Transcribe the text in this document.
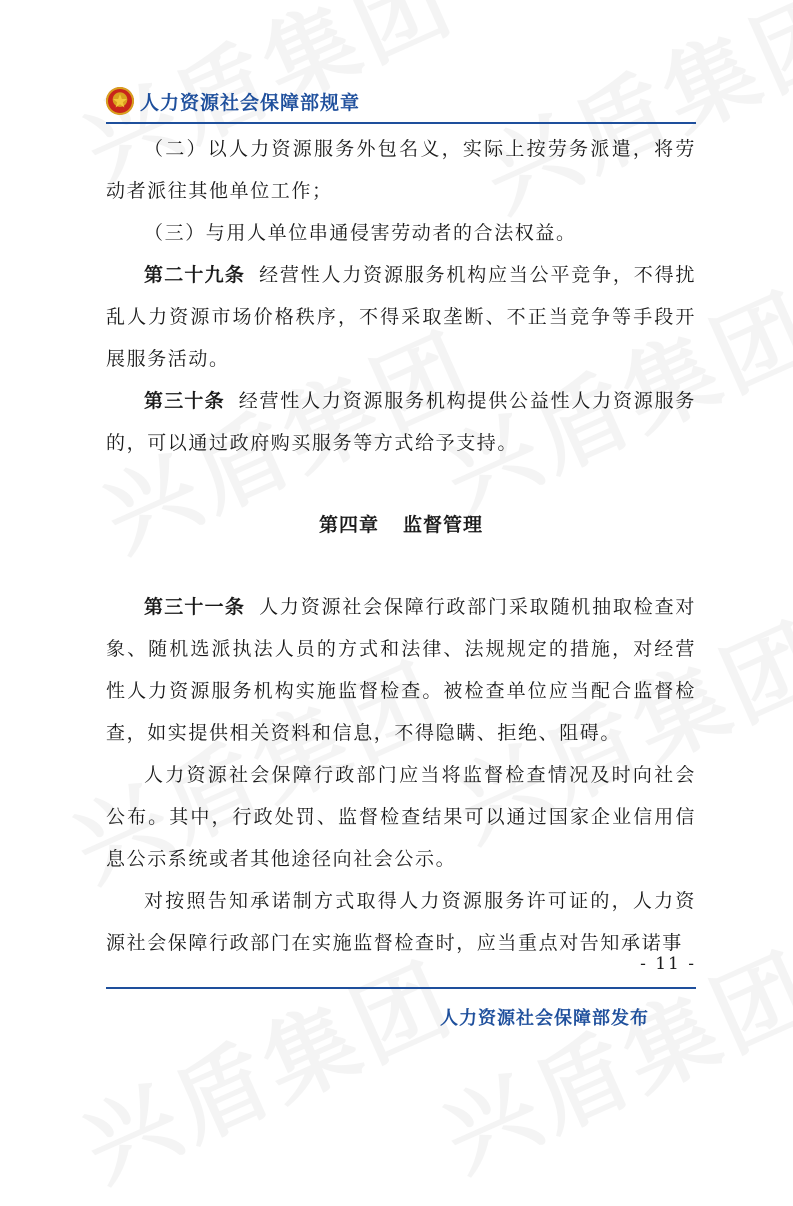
人力资源社会保障部规章

（二）以人力资源服务外包名义，实际上按劳务派遣，将劳动者派往其他单位工作；

（三）与用人单位串通侵害劳动者的合法权益。

第二十九条 经营性人力资源服务机构应当公平竞争，不得扰乱人力资源市场价格秩序，不得采取垄断、不正当竞争等手段开展服务活动。

第三十条 经营性人力资源服务机构提供公益性人力资源服务的，可以通过政府购买服务等方式给予支持。

第四章 监督管理

第三十一条 人力资源社会保障行政部门采取随机抽取检查对象、随机选派执法人员的方式和法律、法规规定的措施，对经营性人力资源服务机构实施监督检查。被检查单位应当配合监督检查，如实提供相关资料和信息，不得隐瞒、拒绝、阻碍。

人力资源社会保障行政部门应当将监督检查情况及时向社会公布。其中，行政处罚、监督检查结果可以通过国家企业信用信息公示系统或者其他途径向社会公示。

对按照告知承诺制方式取得人力资源服务许可证的，人力资源社会保障行政部门在实施监督检查时，应当重点对告知承诺事

- 11 -
人力资源社会保障部发布
